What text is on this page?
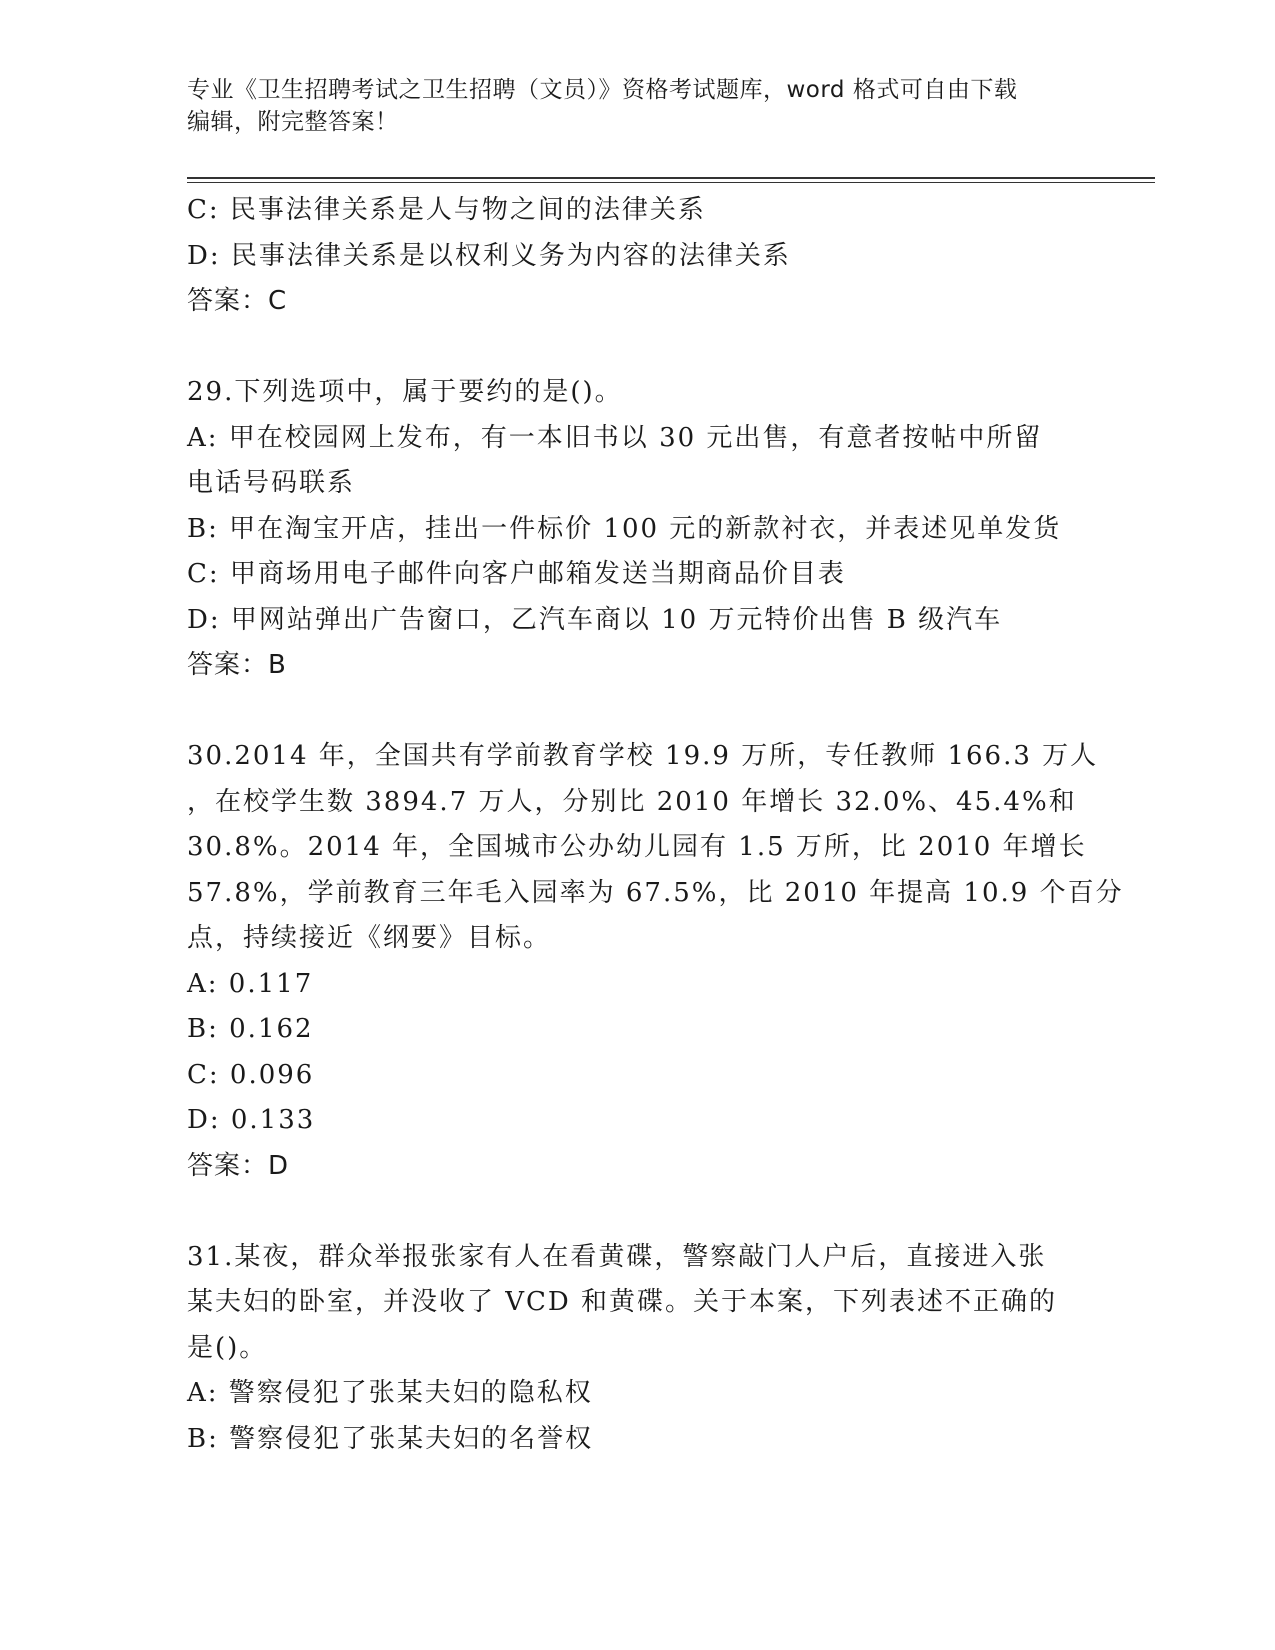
专业《卫生招聘考试之卫生招聘（文员）》资格考试题库，word 格式可自由下载

编辑，附完整答案！

C: 民事法律关系是人与物之间的法律关系
D: 民事法律关系是以权利义务为内容的法律关系
答案：C
29.下列选项中，属于要约的是()。
A: 甲在校园网上发布，有一本旧书以 30 元出售，有意者按帖中所留
电话号码联系
B: 甲在淘宝开店，挂出一件标价 100 元的新款衬衣，并表述见单发货
C: 甲商场用电子邮件向客户邮箱发送当期商品价目表
D: 甲网站弹出广告窗口，乙汽车商以 10 万元特价出售 B 级汽车
答案：B
30.2014 年，全国共有学前教育学校 19.9 万所，专任教师 166.3 万人
，在校学生数 3894.7 万人，分别比 2010 年增长 32.0%、45.4%和
30.8%。2014 年，全国城市公办幼儿园有 1.5 万所，比 2010 年增长
57.8%，学前教育三年毛入园率为 67.5%，比 2010 年提高 10.9 个百分
点，持续接近《纲要》目标。
A: 0.117
B: 0.162
C: 0.096
D: 0.133
答案：D
31.某夜，群众举报张家有人在看黄碟，警察敲门人户后，直接进入张
某夫妇的卧室，并没收了 VCD 和黄碟。关于本案，下列表述不正确的
是()。
A: 警察侵犯了张某夫妇的隐私权
B: 警察侵犯了张某夫妇的名誉权
